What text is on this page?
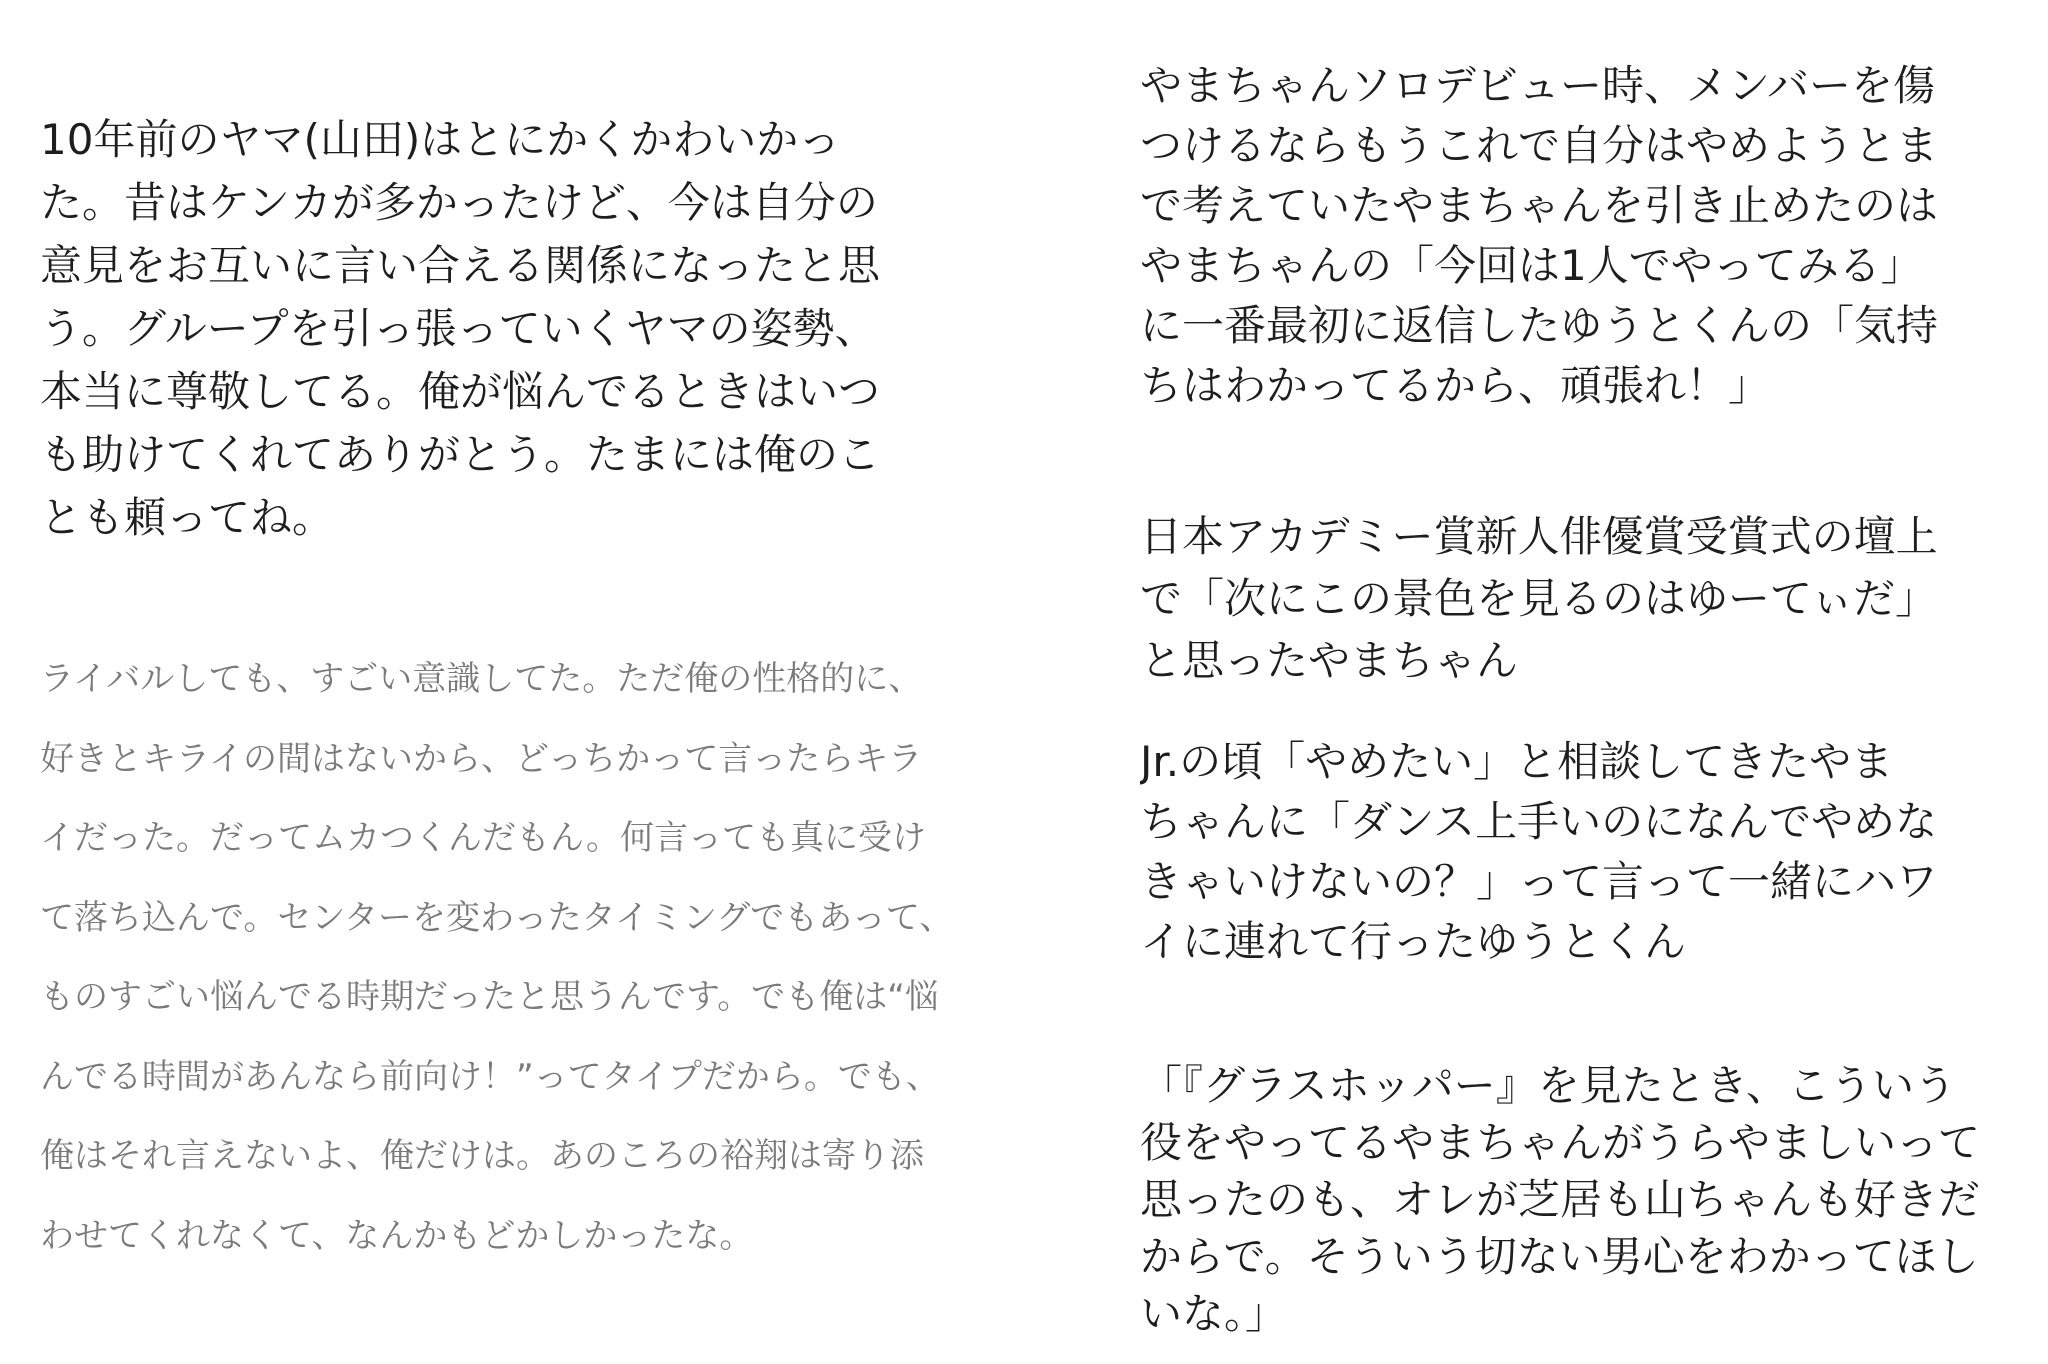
10年前のヤマ(山田)はとにかくかわいかっ
た。昔はケンカが多かったけど、今は自分の
意見をお互いに言い合える関係になったと思
う。グループを引っ張っていくヤマの姿勢、
本当に尊敬してる。俺が悩んでるときはいつ
も助けてくれてありがとう。たまには俺のこ
とも頼ってね。
ライバルしても、すごい意識してた。ただ俺の性格的に、
好きとキライの間はないから、どっちかって言ったらキラ
イだった。だってムカつくんだもん。何言っても真に受け
て落ち込んで。センターを変わったタイミングでもあって、
ものすごい悩んでる時期だったと思うんです。でも俺は“悩
んでる時間があんなら前向け！”ってタイプだから。でも、
俺はそれ言えないよ、俺だけは。あのころの裕翔は寄り添
わせてくれなくて、なんかもどかしかったな。
やまちゃんソロデビュー時、メンバーを傷
つけるならもうこれで自分はやめようとま
で考えていたやまちゃんを引き止めたのは
やまちゃんの「今回は1人でやってみる」
に一番最初に返信したゆうとくんの「気持
ちはわかってるから、頑張れ！」
日本アカデミー賞新人俳優賞受賞式の壇上
で「次にこの景色を見るのはゆーてぃだ」
と思ったやまちゃん
Jr.の頃「やめたい」と相談してきたやま
ちゃんに「ダンス上手いのになんでやめな
きゃいけないの？」って言って一緒にハワ
イに連れて行ったゆうとくん
「『グラスホッパー』を見たとき、こういう
役をやってるやまちゃんがうらやましいって
思ったのも、オレが芝居も山ちゃんも好きだ
からで。そういう切ない男心をわかってほし
いな。」
